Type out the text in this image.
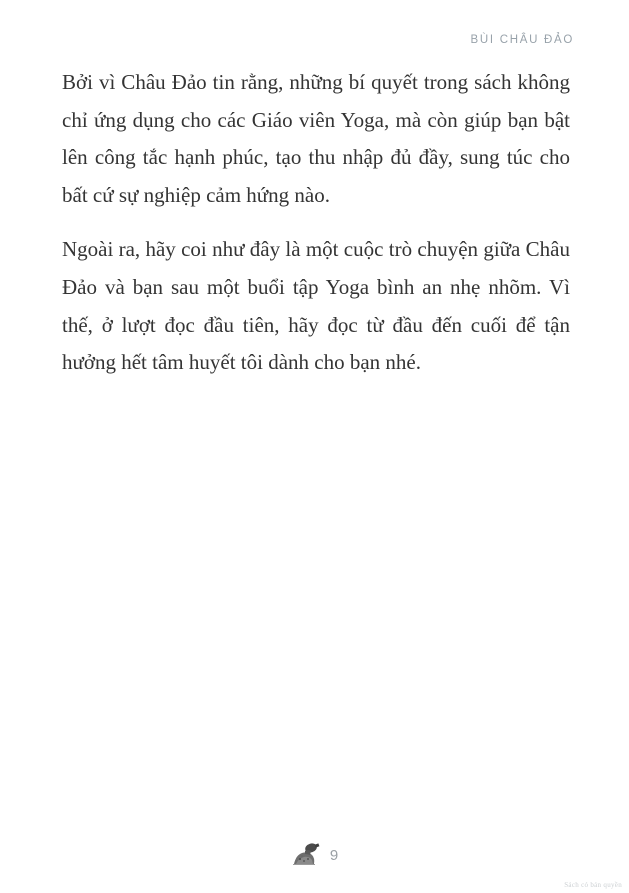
BÙI CHÂU ĐẢO

Bởi vì Châu Đảo tin rằng, những bí quyết trong sách không chỉ ứng dụng cho các Giáo viên Yoga, mà còn giúp bạn bật lên công tắc hạnh phúc, tạo thu nhập đủ đầy, sung túc cho bất cứ sự nghiệp cảm hứng nào.

Ngoài ra, hãy coi như đây là một cuộc trò chuyện giữa Châu Đảo và bạn sau một buổi tập Yoga bình an nhẹ nhõm. Vì thế, ở lượt đọc đầu tiên, hãy đọc từ đầu đến cuối để tận hưởng hết tâm huyết tôi dành cho bạn nhé.

9
Sách có bản quyền
